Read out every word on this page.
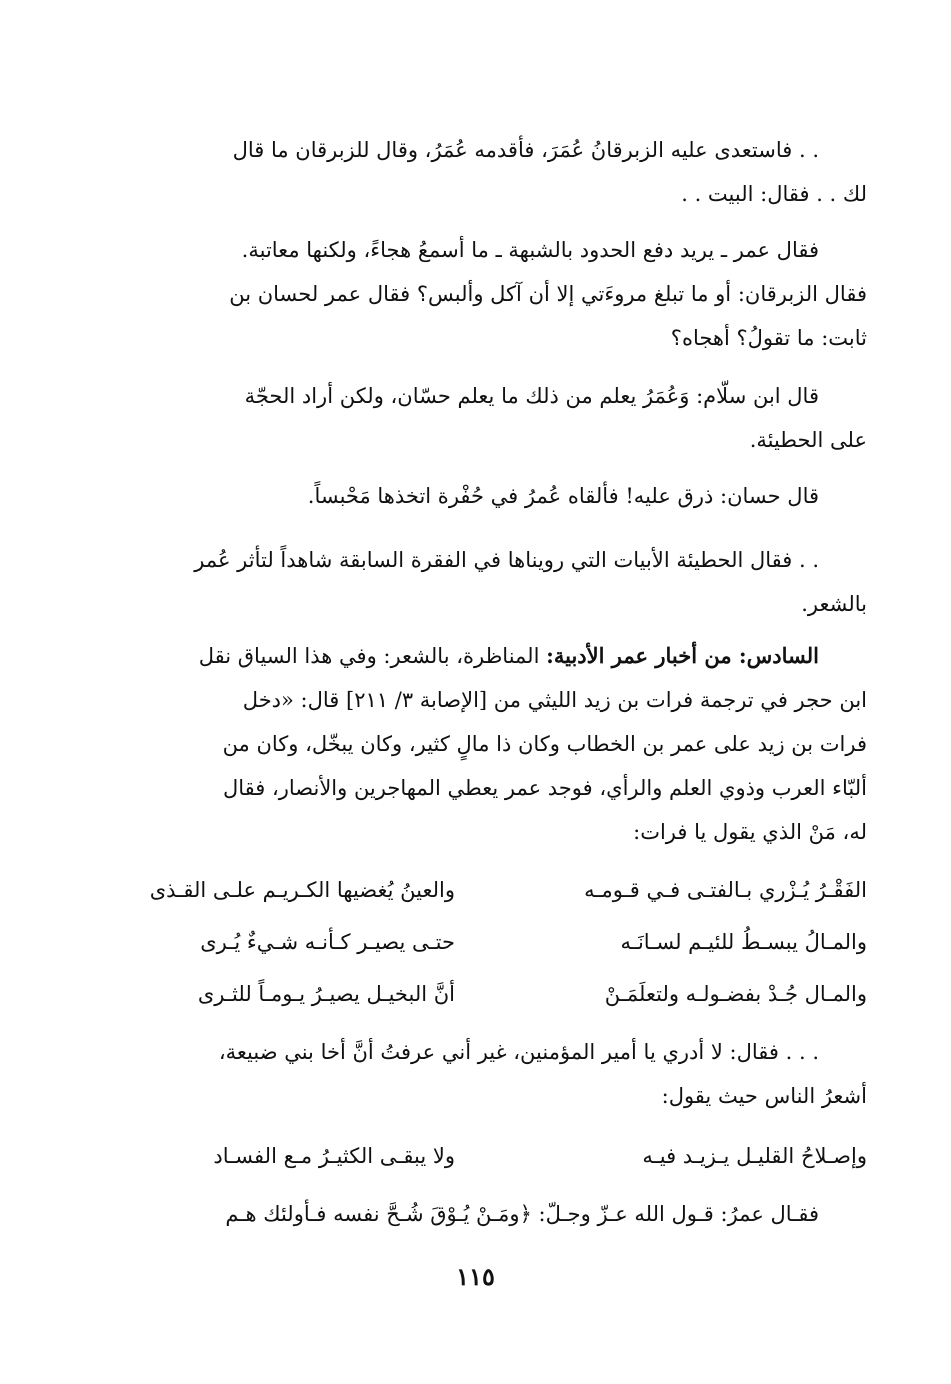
. . فاستعدى عليه الزبرقانُ عُمَرَ، فأقدمه عُمَرُ، وقال للزبرقان ما قال
لك . . فقال: البيت . .

فقال عمر ـ يريد دفع الحدود بالشبهة ـ ما أسمعُ هجاءً، ولكنها معاتبة.
فقال الزبرقان: أو ما تبلغ مروءَتي إلا أن آكل وألبس؟ فقال عمر لحسان بن
ثابت: ما تقولُ؟ أهجاه؟

قال ابن سلّام: وَعُمَرُ يعلم من ذلك ما يعلم حسّان، ولكن أراد الحجّة
على الحطيئة.

قال حسان: ذرق عليه! فألقاه عُمرُ في حُفْرة اتخذها مَحْبساً.

. . فقال الحطيئة الأبيات التي رويناها في الفقرة السابقة شاهداً لتأثر عُمر
بالشعر.

السادس: من أخبار عمر الأدبية: المناظرة، بالشعر: وفي هذا السياق نقل
ابن حجر في ترجمة فرات بن زيد الليثي من [الإصابة ٣/ ٢١١] قال: «دخل
فرات بن زيد على عمر بن الخطاب وكان ذا مالٍ كثير، وكان يبخّل، وكان من
ألبّاء العرب وذوي العلم والرأي، فوجد عمر يعطي المهاجرين والأنصار، فقال
له، مَنْ الذي يقول يا فرات:

الفَقْـرُ يُـزْري بـالفتـى فـي قـومـه
والعينُ يُغضيها الكـريـم علـى القـذى
والمـالُ يبسـطُ للئيـم لسـانَـه
حتـى يصيـر كـأنـه شـيءٌ يُـرى
والمـال جُـدْ بفضـولـه ولتعلَمَـنْ
أنَّ البخيـل يصيـرُ يـومـاً للثـرى

. . . فقال: لا أدري يا أمير المؤمنين، غير أني عرفتُ أنَّ أخا بني ضبيعة،
أشعرُ الناس حيث يقول:

وإصـلاحُ القليـل يـزيـد فيـه
ولا يبقـى الكثيـرُ مـع الفسـاد

فقـال عمرُ: قـول الله عـزّ وجـلّ: ﴿ومَـنْ يُـوْقَ شُـحَّ نفسه فـأولئك هـم

١١٥
